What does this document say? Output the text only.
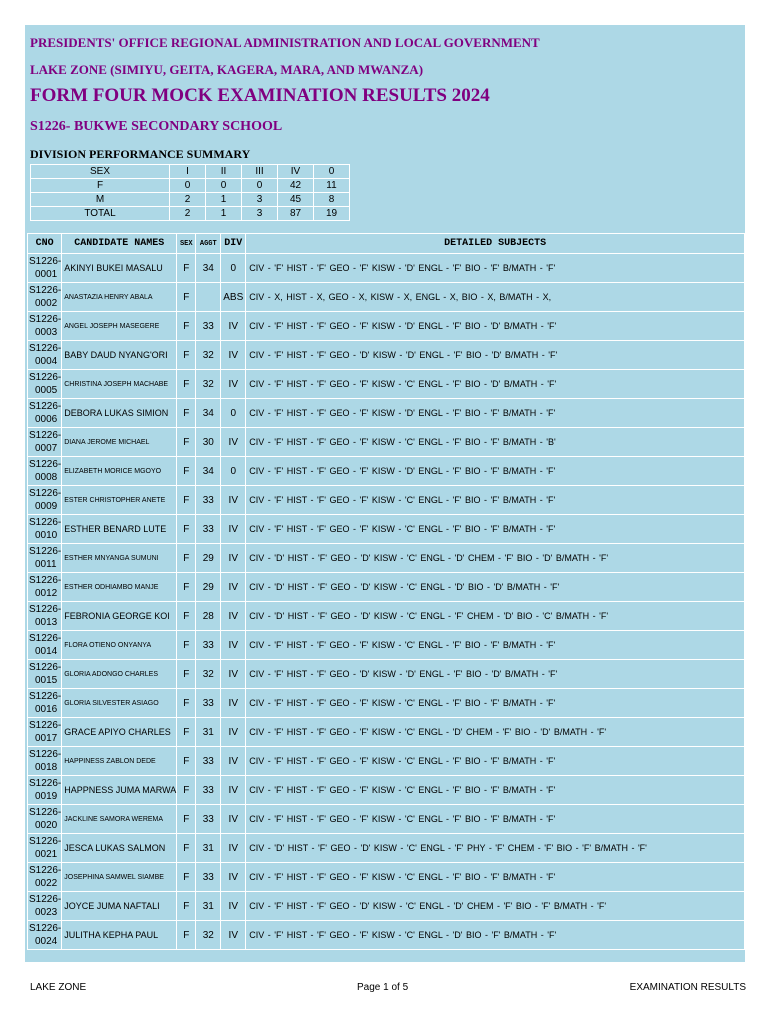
PRESIDENTS' OFFICE REGIONAL ADMINISTRATION AND LOCAL GOVERNMENT
LAKE ZONE (SIMIYU, GEITA, KAGERA, MARA, AND MWANZA)
FORM FOUR MOCK EXAMINATION RESULTS 2024
S1226- BUKWE SECONDARY SCHOOL
DIVISION PERFORMANCE SUMMARY
SEX	I	II	III	IV	0
F	0	0	0	42	11
M	2	1	3	45	8
TOTAL	2	1	3	87	19
CNO	CANDIDATE NAMES	SEX	AGGT	DIV	DETAILED SUBJECTS

S1226-
0001	AKINYI BUKEI MASALU	F	34	0	CIV - 'F' HIST - 'F' GEO - 'F' KISW - 'D' ENGL - 'F' BIO - 'F' B/MATH - 'F'

S1226-
0002	ANASTAZIA HENRY ABALA	F		ABS	CIV - X, HIST - X, GEO - X, KISW - X, ENGL - X, BIO - X, B/MATH - X,

S1226-
0003	ANGEL JOSEPH MASEGERE	F	33	IV	CIV - 'F' HIST - 'F' GEO - 'F' KISW - 'D' ENGL - 'F' BIO - 'D' B/MATH - 'F'

S1226-
0004	BABY DAUD NYANG'ORI	F	32	IV	CIV - 'F' HIST - 'F' GEO - 'D' KISW - 'D' ENGL - 'F' BIO - 'D' B/MATH - 'F'

S1226-
0005	CHRISTINA JOSEPH MACHABE	F	32	IV	CIV - 'F' HIST - 'F' GEO - 'F' KISW - 'C' ENGL - 'F' BIO - 'D' B/MATH - 'F'

S1226-
0006	DEBORA LUKAS SIMION	F	34	0	CIV - 'F' HIST - 'F' GEO - 'F' KISW - 'D' ENGL - 'F' BIO - 'F' B/MATH - 'F'

S1226-
0007	DIANA JEROME MICHAEL	F	30	IV	CIV - 'F' HIST - 'F' GEO - 'F' KISW - 'C' ENGL - 'F' BIO - 'F' B/MATH - 'B'

S1226-
0008	ELIZABETH MORICE MGOYO	F	34	0	CIV - 'F' HIST - 'F' GEO - 'F' KISW - 'D' ENGL - 'F' BIO - 'F' B/MATH - 'F'

S1226-
0009	ESTER CHRISTOPHER ANETE	F	33	IV	CIV - 'F' HIST - 'F' GEO - 'F' KISW - 'C' ENGL - 'F' BIO - 'F' B/MATH - 'F'

S1226-
0010	ESTHER BENARD LUTE	F	33	IV	CIV - 'F' HIST - 'F' GEO - 'F' KISW - 'C' ENGL - 'F' BIO - 'F' B/MATH - 'F'

S1226-
0011	ESTHER MNYANGA SUMUNI	F	29	IV	CIV - 'D' HIST - 'F' GEO - 'D' KISW - 'C' ENGL - 'D' CHEM - 'F' BIO - 'D' B/MATH - 'F'

S1226-
0012	ESTHER ODHIAMBO MANJE	F	29	IV	CIV - 'D' HIST - 'F' GEO - 'D' KISW - 'C' ENGL - 'D' BIO - 'D' B/MATH - 'F'

S1226-
0013	FEBRONIA GEORGE KOI	F	28	IV	CIV - 'D' HIST - 'F' GEO - 'D' KISW - 'C' ENGL - 'F' CHEM - 'D' BIO - 'C' B/MATH - 'F'

S1226-
0014	FLORA OTIENO ONYANYA	F	33	IV	CIV - 'F' HIST - 'F' GEO - 'F' KISW - 'C' ENGL - 'F' BIO - 'F' B/MATH - 'F'

S1226-
0015	GLORIA ADONGO CHARLES	F	32	IV	CIV - 'F' HIST - 'F' GEO - 'D' KISW - 'D' ENGL - 'F' BIO - 'D' B/MATH - 'F'

S1226-
0016	GLORIA SILVESTER ASIAGO	F	33	IV	CIV - 'F' HIST - 'F' GEO - 'F' KISW - 'C' ENGL - 'F' BIO - 'F' B/MATH - 'F'

S1226-
0017	GRACE APIYO CHARLES	F	31	IV	CIV - 'F' HIST - 'F' GEO - 'F' KISW - 'C' ENGL - 'D' CHEM - 'F' BIO - 'D' B/MATH - 'F'

S1226-
0018	HAPPINESS ZABLON DEDE	F	33	IV	CIV - 'F' HIST - 'F' GEO - 'F' KISW - 'C' ENGL - 'F' BIO - 'F' B/MATH - 'F'

S1226-
0019	HAPPNESS JUMA MARWA	F	33	IV	CIV - 'F' HIST - 'F' GEO - 'F' KISW - 'C' ENGL - 'F' BIO - 'F' B/MATH - 'F'

S1226-
0020	JACKLINE SAMORA WEREMA	F	33	IV	CIV - 'F' HIST - 'F' GEO - 'F' KISW - 'C' ENGL - 'F' BIO - 'F' B/MATH - 'F'

S1226-
0021	JESCA LUKAS SALMON	F	31	IV	CIV - 'D' HIST - 'F' GEO - 'D' KISW - 'C' ENGL - 'F' PHY - 'F' CHEM - 'F' BIO - 'F' B/MATH - 'F'

S1226-
0022	JOSEPHINA SAMWEL SIAMBE	F	33	IV	CIV - 'F' HIST - 'F' GEO - 'F' KISW - 'C' ENGL - 'F' BIO - 'F' B/MATH - 'F'

S1226-
0023	JOYCE JUMA NAFTALI	F	31	IV	CIV - 'F' HIST - 'F' GEO - 'D' KISW - 'C' ENGL - 'D' CHEM - 'F' BIO - 'F' B/MATH - 'F'

S1226-
0024	JULITHA KEPHA PAUL	F	32	IV	CIV - 'F' HIST - 'F' GEO - 'F' KISW - 'C' ENGL - 'D' BIO - 'F' B/MATH - 'F'
LAKE ZONE	Page 1 of 5	EXAMINATION RESULTS
